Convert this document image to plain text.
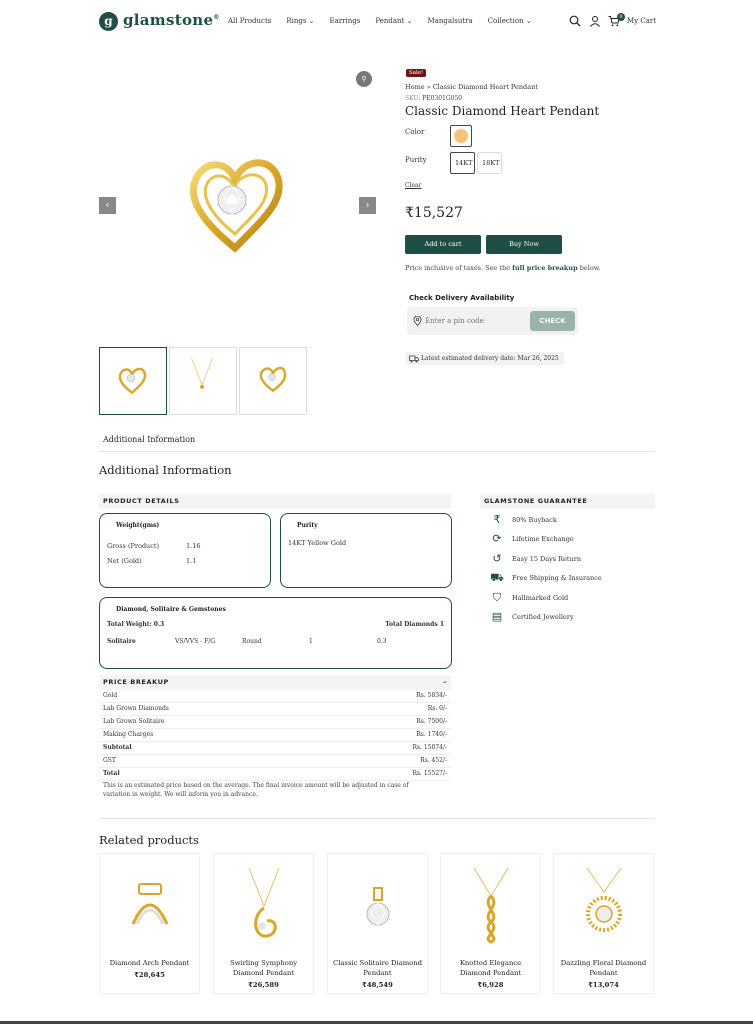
g glamstone® All Products Rings ⌄ Earrings Pendant ⌄ Mangalsutra Collection ⌄	0 My Cart
⚲
‹	›
Sale!
Home » Classic Diamond Heart Pendant
SKU: PE0301G050
Classic Diamond Heart Pendant
Color
Purity	14KT	18KT
Clear
₹15,527
Add to cart	Buy Now
Price inclusive of taxes. See the full price breakup below.
Check Delivery Availability
Enter a pin code
CHECK
Latest estimated delivery date: Mar 26, 2025
Additional Information
Additional Information
PRODUCT DETAILS
Weight(gms)
Gross (Product)	1.16
Net (Gold)	1.1
Purity
14KT Yellow Gold
Diamond, Solitaire & Gemstones
Total Weight: 0.3	Total Diamonds 1
Solitaire	VS/VVS - F/G	Round	1	0.3
GLAMSTONE GUARANTEE
₹	80% Buyback
⟳	Lifetime Exchange
↺	Easy 15 Days Return
⛟ Free Shipping & Insurance
⛉	Hallmarked Gold
▤ Certified Jewellery
PRICE BREAKUP	–
Gold	Rs. 5834/-
Lab Grown Diamonds	Rs. 0/-
Lab Grown Solitaire	Rs. 7500/-
Making Charges	Rs. 1740/-
Subtotal	Rs. 15074/-
GST	Rs. 452/-
Total	Rs. 15527/-
This is an estimated price based on the average. The final invoice amount will be adjusted in case of variation in weight. We will inform you in advance.
Related products
Diamond Arch Pendant
₹28,645
Swirling Symphony Diamond Pendant
₹26,589
Classic Solitaire Diamond Pendant
₹48,549
Knotted Elegance Diamond Pendant
₹6,928
Dazzling Floral Diamond Pendant
₹13,074
